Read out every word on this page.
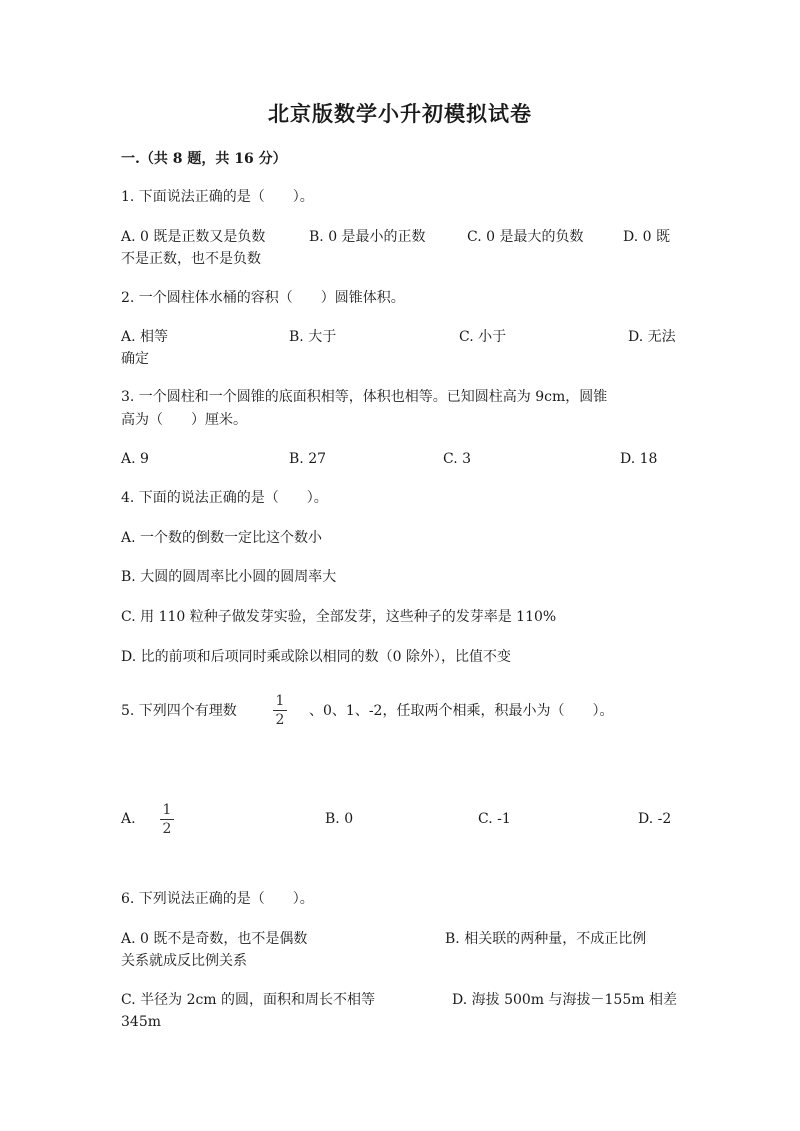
北京版数学小升初模拟试卷
一.（共 8 题，共 16 分）
1. 下面说法正确的是（　　）。
A. 0 既是正数又是负数	B. 0 是最小的正数	C. 0 是最大的负数	D. 0 既
不是正数，也不是负数
2. 一个圆柱体水桶的容积（　　）圆锥体积。
A. 相等	B. 大于	C. 小于	D. 无法
确定
3. 一个圆柱和一个圆锥的底面积相等，体积也相等。已知圆柱高为 9cm，圆锥
高为（　　）厘米。
A. 9	B. 27	C. 3	D. 18
4. 下面的说法正确的是（　　）。
A. 一个数的倒数一定比这个数小
B. 大圆的圆周率比小圆的圆周率大
C. 用 110 粒种子做发芽实验，全部发芽，这些种子的发芽率是 110%
D. 比的前项和后项同时乘或除以相同的数（0 除外），比值不变
5. 下列四个有理数
1
2
、0、1、-2，任取两个相乘，积最小为（　　）。
A.
1
2
B. 0	C. -1	D. -2
6. 下列说法正确的是（　　）。
A. 0 既不是奇数，也不是偶数	B. 相关联的两种量，不成正比例
关系就成反比例关系
C. 半径为 2cm 的圆，面积和周长不相等	D. 海拔 500m 与海拔－155m 相差
345m
